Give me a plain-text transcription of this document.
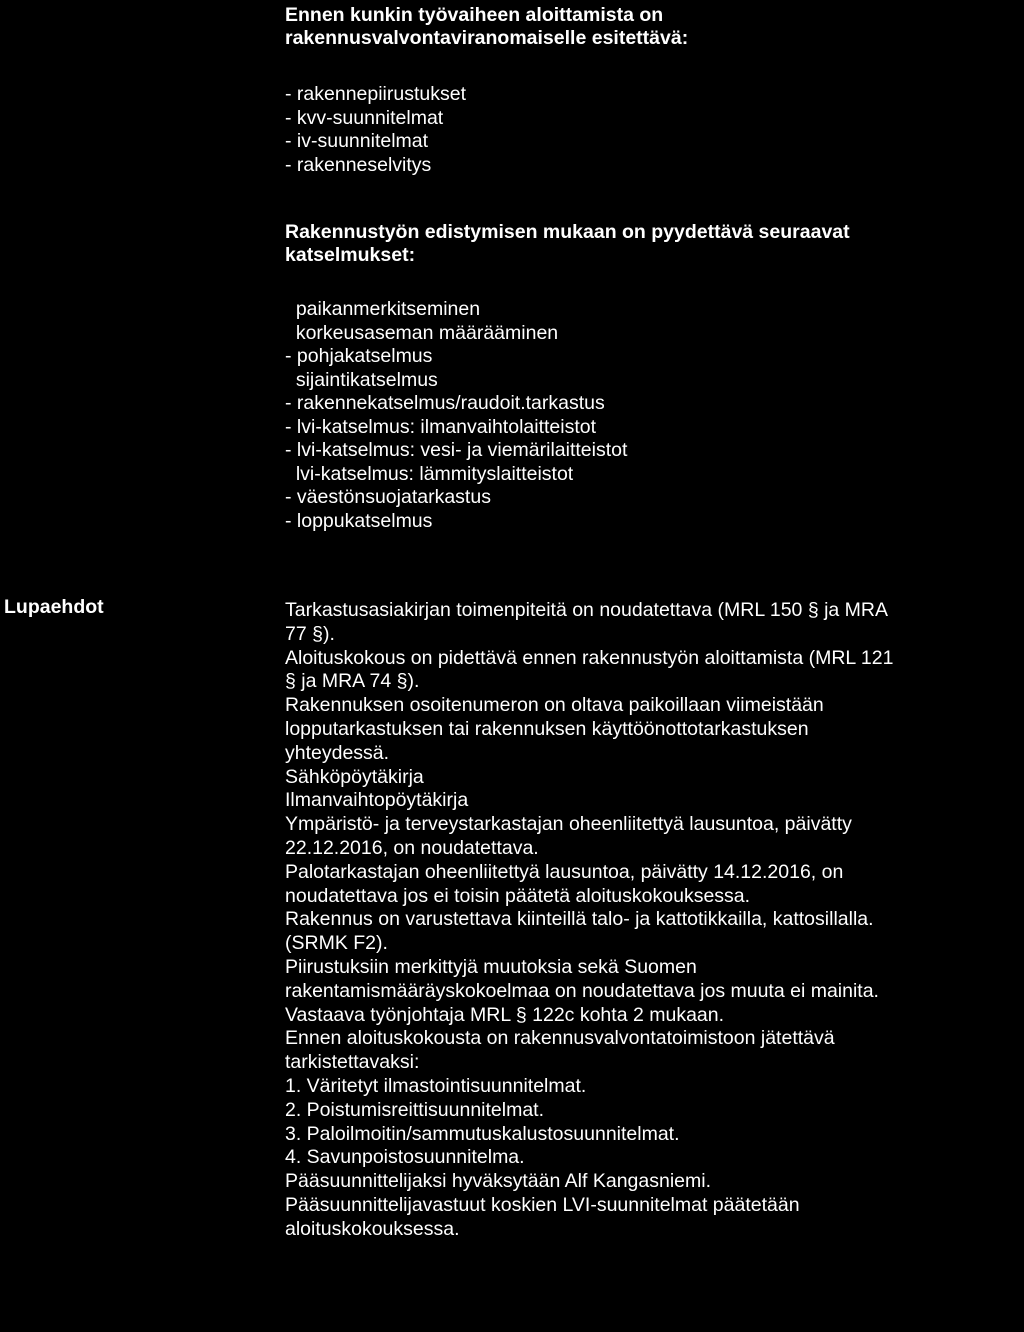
Ennen kunkin työvaiheen aloittamista on
rakennusvalvontaviranomaiselle esitettävä:
- rakennepiirustukset
- kvv-suunnitelmat
- iv-suunnitelmat
- rakenneselvitys
Rakennustyön edistymisen mukaan on pyydettävä seuraavat
katselmukset:
paikanmerkitseminen
korkeusaseman määrääminen
- pohjakatselmus
sijaintikatselmus
- rakennekatselmus/raudoit.tarkastus
- lvi-katselmus: ilmanvaihtolaitteistot
- lvi-katselmus: vesi- ja viemärilaitteistot
lvi-katselmus: lämmityslaitteistot
- väestönsuojatarkastus
- loppukatselmus
Lupaehdot	Tarkastusasiakirjan toimenpiteitä on noudatettava (MRL 150 § ja MRA
77 §).
Aloituskokous on pidettävä ennen rakennustyön aloittamista (MRL 121
§ ja MRA 74 §).
Rakennuksen osoitenumeron on oltava paikoillaan viimeistään
lopputarkastuksen tai rakennuksen käyttöönottotarkastuksen
yhteydessä.
Sähköpöytäkirja
Ilmanvaihtopöytäkirja
Ympäristö- ja terveystarkastajan oheenliitettyä lausuntoa, päivätty
22.12.2016, on noudatettava.
Palotarkastajan oheenliitettyä lausuntoa, päivätty 14.12.2016, on
noudatettava jos ei toisin päätetä aloituskokouksessa.
Rakennus on varustettava kiinteillä talo- ja kattotikkailla, kattosillalla.
(SRMK F2).
Piirustuksiin merkittyjä muutoksia sekä Suomen
rakentamismääräyskokoelmaa on noudatettava jos muuta ei mainita.
Vastaava työnjohtaja MRL § 122c kohta 2 mukaan.
Ennen aloituskokousta on rakennusvalvontatoimistoon jätettävä
tarkistettavaksi:
1. Väritetyt ilmastointisuunnitelmat.
2. Poistumisreittisuunnitelmat.
3. Paloilmoitin/sammutuskalustosuunnitelmat.
4. Savunpoistosuunnitelma.
Pääsuunnittelijaksi hyväksytään Alf Kangasniemi.
Pääsuunnittelijavastuut koskien LVI-suunnitelmat päätetään
aloituskokouksessa.
